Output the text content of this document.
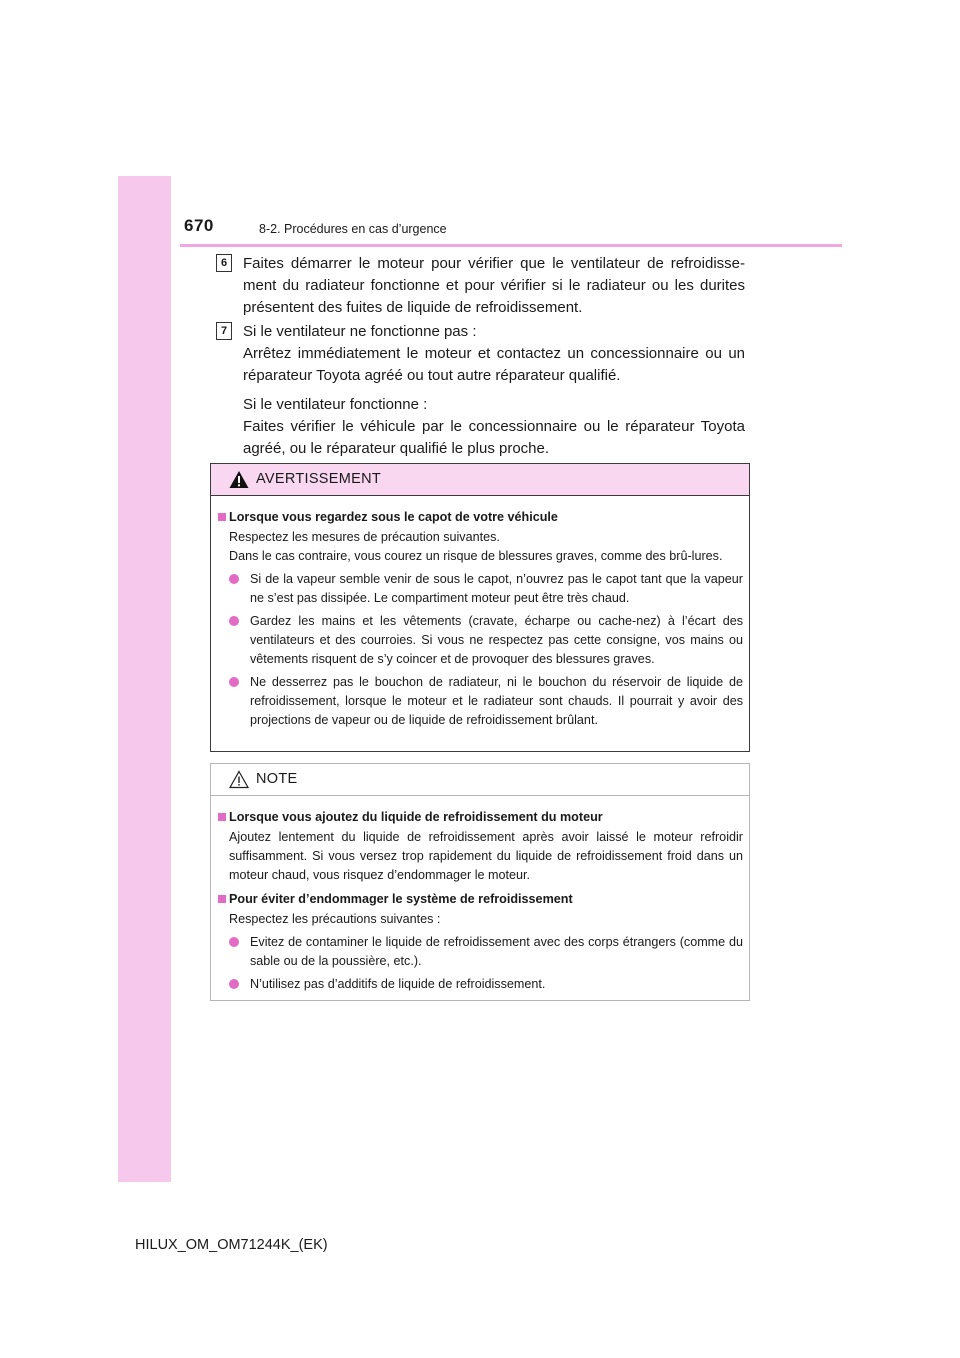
670	8-2. Procédures en cas d’urgence
6	Faites démarrer le moteur pour vérifier que le ventilateur de refroidisse-ment du radiateur fonctionne et pour vérifier si le radiateur ou les durites présentent des fuites de liquide de refroidissement.

7	Si le ventilateur ne fonctionne pas :

Arrêtez immédiatement le moteur et contactez un concessionnaire ou un réparateur Toyota agréé ou tout autre réparateur qualifié.

Si le ventilateur fonctionne :

Faites vérifier le véhicule par le concessionnaire ou le réparateur Toyota agréé, ou le réparateur qualifié le plus proche.

AVERTISSEMENT

Lorsque vous regardez sous le capot de votre véhicule

Respectez les mesures de précaution suivantes.

Dans le cas contraire, vous courez un risque de blessures graves, comme des brû-lures.

Si de la vapeur semble venir de sous le capot, n’ouvrez pas le capot tant que la vapeur ne s’est pas dissipée. Le compartiment moteur peut être très chaud.
Gardez les mains et les vêtements (cravate, écharpe ou cache-nez) à l’écart des ventilateurs et des courroies. Si vous ne respectez pas cette consigne, vos mains ou vêtements risquent de s’y coincer et de provoquer des blessures graves.
Ne desserrez pas le bouchon de radiateur, ni le bouchon du réservoir de liquide de refroidissement, lorsque le moteur et le radiateur sont chauds. Il pourrait y avoir des projections de vapeur ou de liquide de refroidissement brûlant.
NOTE

Lorsque vous ajoutez du liquide de refroidissement du moteur

Ajoutez lentement du liquide de refroidissement après avoir laissé le moteur refroidir suffisamment. Si vous versez trop rapidement du liquide de refroidissement froid dans un moteur chaud, vous risquez d’endommager le moteur.

Pour éviter d’endommager le système de refroidissement

Respectez les précautions suivantes :

Evitez de contaminer le liquide de refroidissement avec des corps étrangers (comme du sable ou de la poussière, etc.).
N’utilisez pas d’additifs de liquide de refroidissement.
HILUX_OM_OM71244K_(EK)
